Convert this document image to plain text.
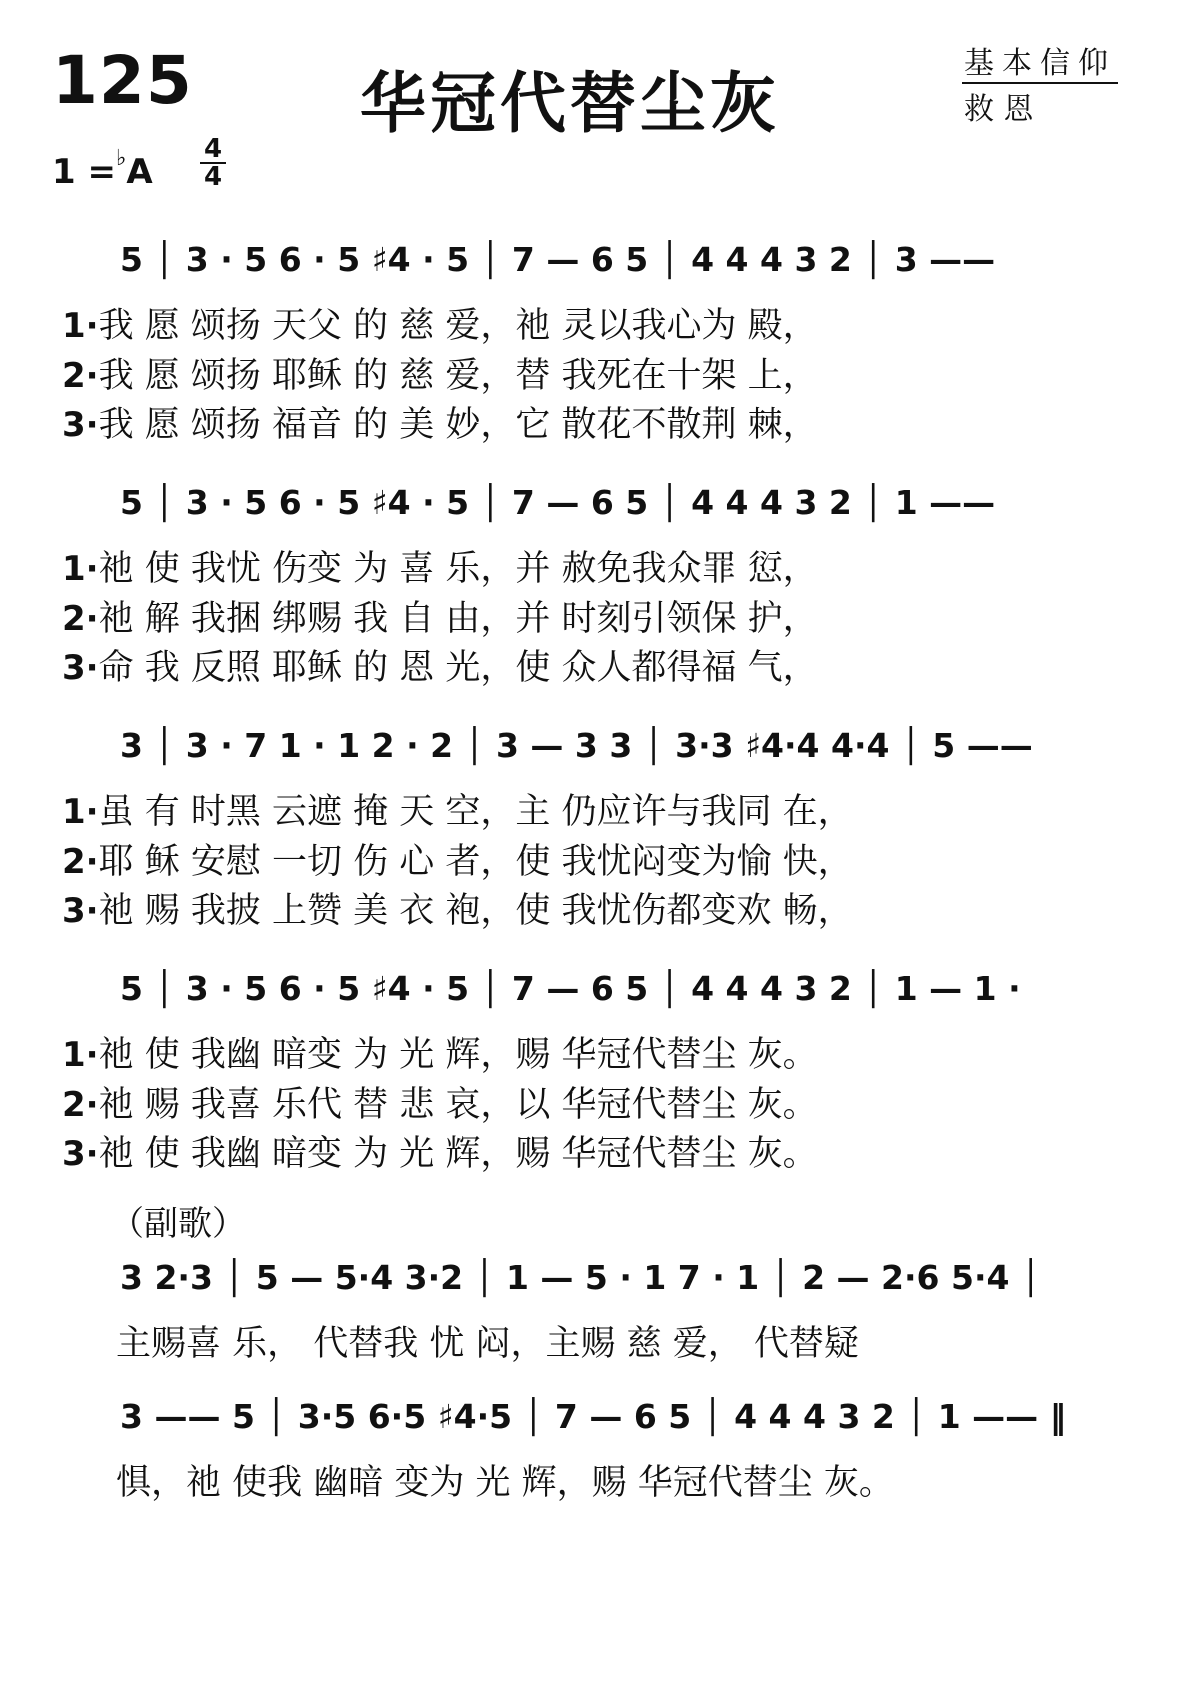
125	华冠代替尘灰
基本信仰
救 恩
1 =♭A
4
4
5 │ 3 · 5 6 · 5 ♯4 · 5 │ 7 — 6 5 │ 4 4 4 3 2 │ 3 ——
1·我 愿 颂扬 天父 的 慈 爱，祂 灵以我心为 殿，
2·我 愿 颂扬 耶稣 的 慈 爱，替 我死在十架 上，
3·我 愿 颂扬 福音 的 美 妙，它 散花不散荆 棘，
5 │ 3 · 5 6 · 5 ♯4 · 5 │ 7 — 6 5 │ 4 4 4 3 2 │ 1 ——
1·祂 使 我忧 伤变 为 喜 乐，并 赦免我众罪 愆，
2·祂 解 我捆 绑赐 我 自 由，并 时刻引领保 护，
3·命 我 反照 耶稣 的 恩 光，使 众人都得福 气，
3 │ 3 · 7 1 · 1 2 · 2 │ 3 — 3 3 │ 3·3 ♯4·4 4·4 │ 5 ——
1·虽 有 时黑 云遮 掩 天 空，主 仍应许与我同 在，
2·耶 稣 安慰 一切 伤 心 者，使 我忧闷变为愉 快，
3·祂 赐 我披 上赞 美 衣 袍，使 我忧伤都变欢 畅，
5 │ 3 · 5 6 · 5 ♯4 · 5 │ 7 — 6 5 │ 4 4 4 3 2 │ 1 — 1 ·
1·祂 使 我幽 暗变 为 光 辉，赐 华冠代替尘 灰。
2·祂 赐 我喜 乐代 替 悲 哀，以 华冠代替尘 灰。
3·祂 使 我幽 暗变 为 光 辉，赐 华冠代替尘 灰。
（副歌）
3 2·3 │ 5 — 5·4 3·2 │ 1 — 5 · 1 7 · 1 │ 2 — 2·6 5·4 │
主赐喜 乐， 代替我 忧 闷，主赐 慈 爱， 代替疑
3 —— 5 │ 3·5 6·5 ♯4·5 │ 7 — 6 5 │ 4 4 4 3 2 │ 1 —— ‖
惧，祂 使我 幽暗 变为 光 辉，赐 华冠代替尘 灰。
